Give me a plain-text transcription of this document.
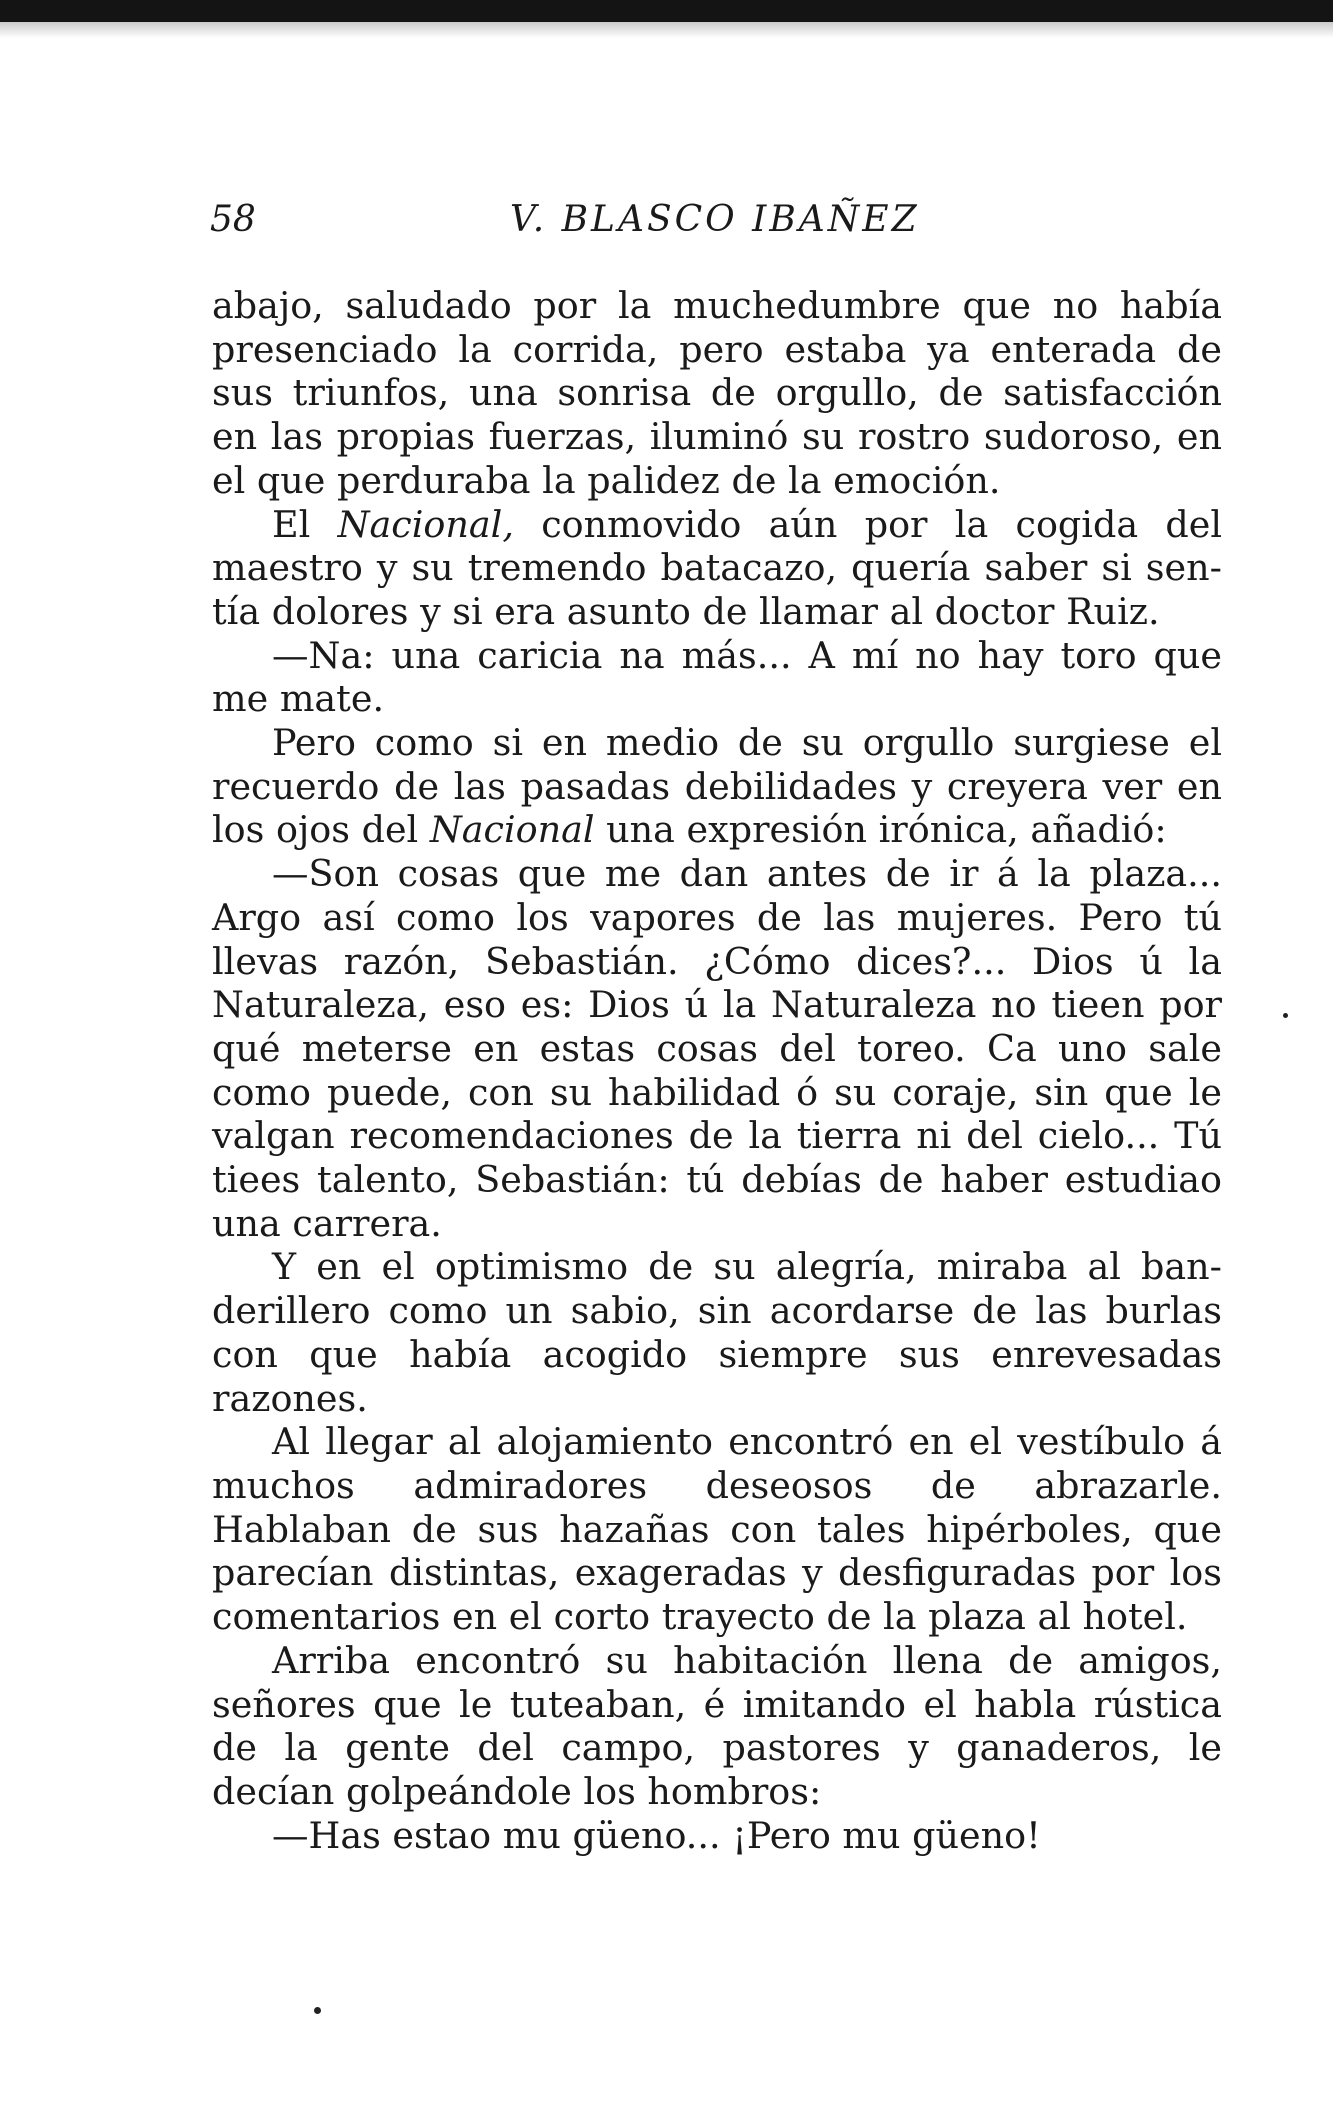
58	V. BLASCO IBAÑEZ

abajo, saludado por la muchedumbre que no había presenciado la corrida, pero estaba ya enterada de sus triunfos, una sonrisa de orgullo, de satisfacción en las propias fuerzas, iluminó su rostro sudoroso, en el que perduraba la palidez de la emoción.

El Nacional, conmovido aún por la cogida del maestro y su tremendo batacazo, quería saber si sentía dolores y si era asunto de llamar al doctor Ruiz.

—Na: una caricia na más... A mí no hay toro que me mate.

Pero como si en medio de su orgullo surgiese el recuerdo de las pasadas debilidades y creyera ver en los ojos del Nacional una expresión irónica, añadió:

—Son cosas que me dan antes de ir á la plaza... Argo así como los vapores de las mujeres. Pero tú llevas razón, Sebastián. ¿Cómo dices?... Dios ú la Naturaleza, eso es: Dios ú la Naturaleza no tieen por qué meterse en estas cosas del toreo. Ca uno sale como puede, con su habilidad ó su coraje, sin que le valgan recomendaciones de la tierra ni del cielo... Tú tiees talento, Sebastián: tú debías de haber estudiao una carrera.

Y en el optimismo de su alegría, miraba al banderillero como un sabio, sin acordarse de las burlas con que había acogido siempre sus enrevesadas razones.

Al llegar al alojamiento encontró en el vestíbulo á muchos admiradores deseosos de abrazarle. Hablaban de sus hazañas con tales hipérboles, que parecían distintas, exageradas y desfiguradas por los comentarios en el corto trayecto de la plaza al hotel.

Arriba encontró su habitación llena de amigos, señores que le tuteaban, é imitando el habla rústica de la gente del campo, pastores y ganaderos, le decían golpeándole los hombros:

—Has estao mu güeno... ¡Pero mu güeno!
